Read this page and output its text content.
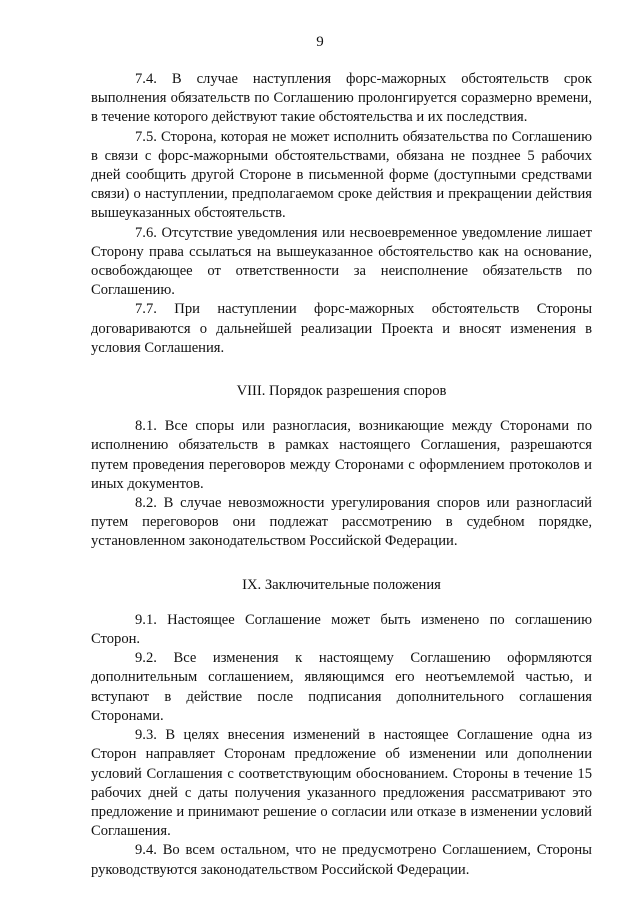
9

7.4. В случае наступления форс-мажорных обстоятельств срок выполнения обязательств по Соглашению пролонгируется соразмерно времени, в течение которого действуют такие обстоятельства и их последствия.

7.5. Сторона, которая не может исполнить обязательства по Соглашению в связи с форс-мажорными обстоятельствами, обязана не позднее 5 рабочих дней сообщить другой Стороне в письменной форме (доступными средствами связи) о наступлении, предполагаемом сроке действия и прекращении действия вышеуказанных обстоятельств.

7.6. Отсутствие уведомления или несвоевременное уведомление лишает Сторону права ссылаться на вышеуказанное обстоятельство как на основание, освобождающее от ответственности за неисполнение обязательств по Соглашению.

7.7. При наступлении форс-мажорных обстоятельств Стороны договариваются о дальнейшей реализации Проекта и вносят изменения в условия Соглашения.

VIII. Порядок разрешения споров

8.1. Все споры или разногласия, возникающие между Сторонами по исполнению обязательств в рамках настоящего Соглашения, разрешаются путем проведения переговоров между Сторонами с оформлением протоколов и иных документов.

8.2. В случае невозможности урегулирования споров или разногласий путем переговоров они подлежат рассмотрению в судебном порядке, установленном законодательством Российской Федерации.

IX. Заключительные положения

9.1. Настоящее Соглашение может быть изменено по соглашению Сторон.

9.2. Все изменения к настоящему Соглашению оформляются дополнительным соглашением, являющимся его неотъемлемой частью, и вступают в действие после подписания дополнительного соглашения Сторонами.

9.3. В целях внесения изменений в настоящее Соглашение одна из Сторон направляет Сторонам предложение об изменении или дополнении условий Соглашения с соответствующим обоснованием. Стороны в течение 15 рабочих дней с даты получения указанного предложения рассматривают это предложение и принимают решение о согласии или отказе в изменении условий Соглашения.

9.4. Во всем остальном, что не предусмотрено Соглашением, Стороны руководствуются законодательством Российской Федерации.
